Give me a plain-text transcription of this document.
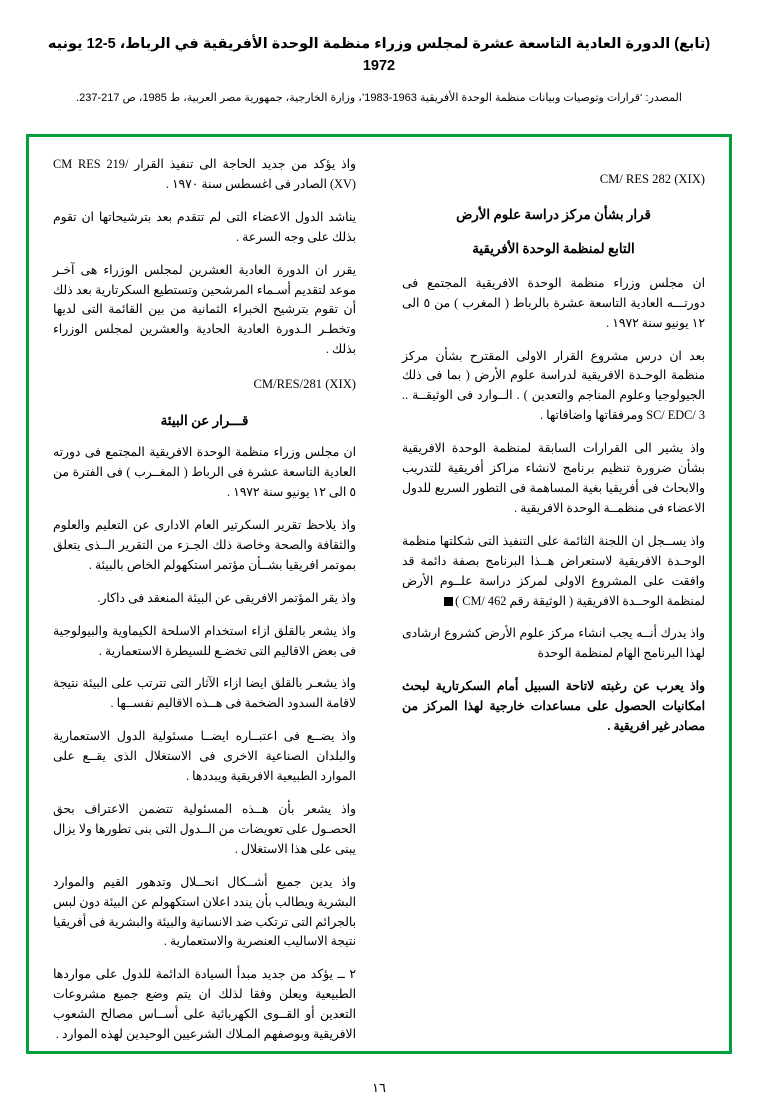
(تابع) الدورة العادية التاسعة عشرة لمجلس وزراء منظمة الوحدة الأفريقية في الرباط، 5-12 يونيه 1972
المصدر: ‘قرارات وتوصيات وبيانات منظمة الوحدة الأفريقية 1963-1983’، وزارة الخارجية، جمهورية مصر العربية، ط 1985، ص 217-237.

CM/ RES 282 (XIX)
قرار بشأن مركز دراسة علوم الأرض
التابع لمنظمة الوحدة الأفريقية

ان مجلس وزراء منظمة الوحدة الافريقية المجتمع فى دورتـــه العادية التاسعة عشرة بالرباط ( المغرب ) من ٥ الى ١٢ يونيو سنة ١٩٧٢ .

بعد ان درس مشروع القرار الاولى المقترح بشأن مركز منظمة الوحـدة الافريقية لدراسة علوم الأرض ( بما فى ذلك الجيولوجيا وعلوم المناجم والتعدين ) . الــوارد فى الوثيقــة .. SC/ EDC/ 3 ومرفقاتها واضافاتها .

واذ يشير الى القرارات السابقة لمنظمة الوحدة الافريقية بشأن ضرورة تنظيم برنامج لانشاء مراكز أفريقية للتدريب والابحاث فى أفريقيا بغية المساهمة فى التطور السريع للدول الاعضاء فى منظمــة الوحدة الافريقية .

واذ يســجل ان اللجنة الثائمة على التنفيذ التى شكلتها منظمة الوحـدة الافريقية لاستعراض هــذا البرنامج بصفة دائمة قد وافقت على المشروع الاولى لمركز دراسة علــوم الأرض لمنظمة الوحــدة الافريقية ( الوثيقة رقم CM/ 462 )

واذ يدرك أنــه يجب انشاء مركز علوم الأرض كشروع ارشادى لهذا البرنامج الهام لمنظمة الوحدة

واذ يعرب عن رغبته لاتاحة السبيل أمام السكرتارية لبحث امكانيات الحصول على مساعدات خارجية لهذا المركز من مصادر غير افريقية .

واذ يؤكد من جديد الحاجة الى تنفيذ القرار /CM RES 219 (XV) الصادر فى اغسطس سنة ١٩٧٠ .

يناشد الدول الاعضاء التى لم تتقدم بعد بترشيحاتها ان تقوم بذلك على وجه السرعة .

يقرر ان الدورة العادية العشرين لمجلس الوزراء هى آخـر موعد لتقديم أسـماء المرشحين وتستطيع السكرتارية بعد ذلك أن تقوم بترشيح الخبراء الثمانية من بين القائمة التى لديها وتخطـر الـدورة العادية الحادية والعشرين لمجلس الوزراء بذلك .

CM/RES/281 (XIX)
قـــرار عن البيئة

ان مجلس وزراء منظمة الوحدة الافريقية المجتمع فى دورته العادية التاسعة عشرة فى الرباط ( المغــرب ) فى الفترة من ٥ الى ١٢ يونيو سنة ١٩٧٢ .

واذ يلاحظ تقرير السكرتير العام الادارى عن التعليم والعلوم والثقافة والصحة وخاصة ذلك الجـزء من التقرير الــذى يتعلق بموتمر افريقيا بشــأن مؤتمر استكهولم الخاص بالبيئة .

واذ يقر المؤتمر الافريقى عن البيئة المنعقد فى داكار.

واذ يشعر بالقلق ازاء استخدام الاسلحة الكيماوية والبيولوجية فى بعض الاقاليم التى تخضـع للسيطرة الاستعمارية .

واذ يشعـر بالقلق ايضا ازاء الآثار التى تترتب على البيئة نتيجة لاقامة السدود الضخمة فى هــذه الاقاليم نفســها .

واذ يضــع فى اعتبــاره ايضــا مسئولية الدول الاستعمارية والبلدان الصناعية الاخرى فى الاستغلال الذى يقــع على الموارد الطبيعية الافريقية ويبددها .

واذ يشعر بأن هــذه المسئولية تتضمن الاعتراف بحق الحصـول على تعويضات من الــدول التى بنى تطورها ولا يزال يبنى على هذا الاستغلال .

واذ يدين جميع أشــكال انحــلال وتدهور القيم والموارد البشرية ويطالب بأن يندد اعلان استكهولم عن البيئة دون لبس بالجرائم التى ترتكب ضد الانسانية والبيئة والبشرية فى أفريقيا نتيجة الاساليب العنصرية والاستعمارية .

٢ ــ يؤكد من جديد مبدأ السيادة الدائمة للدول على مواردها الطبيعية ويعلن وفقا لذلك ان يتم وضع جميع مشروعات التعدين أو القــوى الكهربائية على أســاس مصالح الشعوب الافريقية وبوصفهم المـلاك الشرعيين الوحيدين لهذه الموارد .

١٦
